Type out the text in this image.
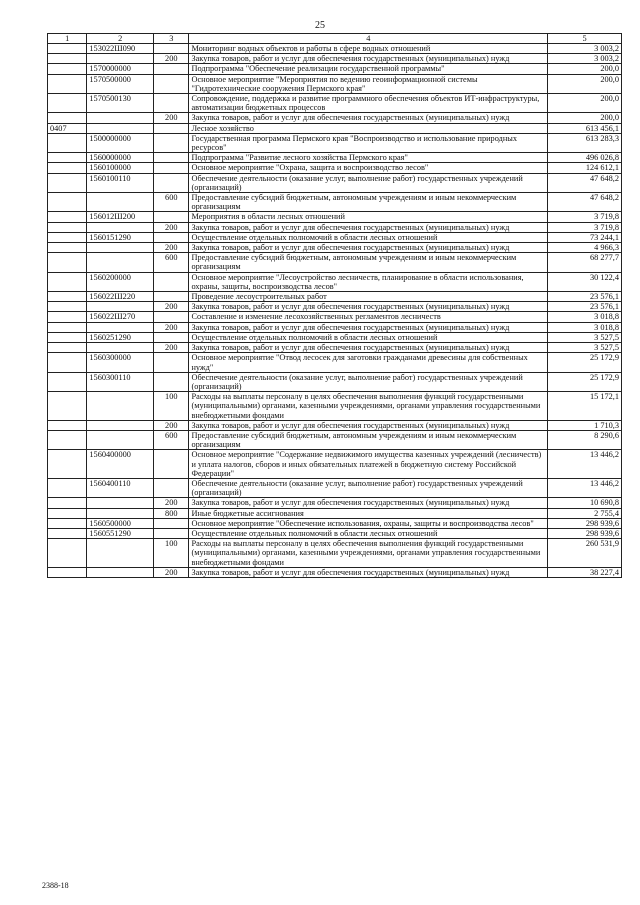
25
1	2	3	4	5
	153022Ш090		Мониторинг водных объектов и работы в сфере водных отношений	3 003,2
		200	Закупка товаров, работ и услуг для обеспечения государственных (муниципальных) нужд	3 003,2
	1570000000		Подпрограмма "Обеспечение реализации государственной программы"	200,0
	1570500000		Основное мероприятие "Мероприятия по ведению геоинформационной системы "Гидротехнические сооружения Пермского края"	200,0
	1570500130		Сопровождение, поддержка и развитие программного обеспечения объектов ИТ-инфраструктуры, автоматизации бюджетных процессов	200,0
		200	Закупка товаров, работ и услуг для обеспечения государственных (муниципальных) нужд	200,0
0407			Лесное хозяйство	613 456,1
	1500000000		Государственная программа Пермского края "Воспроизводство и использование природных ресурсов"	613 283,3
	1560000000		Подпрограмма "Развитие лесного хозяйства Пермского края"	496 026,8
	1560100000		Основное мероприятие "Охрана, защита и воспроизводство лесов"	124 612,1
	1560100110		Обеспечение деятельности (оказание услуг, выполнение работ) государственных учреждений (организаций)	47 648,2
		600	Предоставление субсидий бюджетным, автономным учреждениям и иным некоммерческим организациям	47 648,2
	156012Ш200		Мероприятия в области лесных отношений	3 719,8
		200	Закупка товаров, работ и услуг для обеспечения государственных (муниципальных) нужд	3 719,8
	1560151290		Осуществление отдельных полномочий в области лесных отношений	73 244,1
		200	Закупка товаров, работ и услуг для обеспечения государственных (муниципальных) нужд	4 966,3
		600	Предоставление субсидий бюджетным, автономным учреждениям и иным некоммерческим организациям	68 277,7
	1560200000		Основное мероприятие "Лесоустройство лесничеств, планирование в области использования, охраны, защиты, воспроизводства лесов"	30 122,4
	156022Ш220		Проведение лесоустроительных работ	23 576,1
		200	Закупка товаров, работ и услуг для обеспечения государственных (муниципальных) нужд	23 576,1
	156022Ш270		Составление и изменение лесохозяйственных регламентов лесничеств	3 018,8
		200	Закупка товаров, работ и услуг для обеспечения государственных (муниципальных) нужд	3 018,8
	1560251290		Осуществление отдельных полномочий в области лесных отношений	3 527,5
		200	Закупка товаров, работ и услуг для обеспечения государственных (муниципальных) нужд	3 527,5
	1560300000		Основное мероприятие "Отвод лесосек для заготовки гражданами древесины для собственных нужд"	25 172,9
	1560300110		Обеспечение деятельности (оказание услуг, выполнение работ) государственных учреждений (организаций)	25 172,9
		100	Расходы на выплаты персоналу в целях обеспечения выполнения функций государственными (муниципальными) органами, казенными учреждениями, органами управления государственными внебюджетными фондами	15 172,1
		200	Закупка товаров, работ и услуг для обеспечения государственных (муниципальных) нужд	1 710,3
		600	Предоставление субсидий бюджетным, автономным учреждениям и иным некоммерческим организациям	8 290,6
	1560400000		Основное мероприятие "Содержание недвижимого имущества казенных учреждений (лесничеств) и уплата налогов, сборов и иных обязательных платежей в бюджетную систему Российской Федерации"	13 446,2
	1560400110		Обеспечение деятельности (оказание услуг, выполнение работ) государственных учреждений (организаций)	13 446,2
		200	Закупка товаров, работ и услуг для обеспечения государственных (муниципальных) нужд	10 690,8
		800	Иные бюджетные ассигнования	2 755,4
	1560500000		Основное мероприятие "Обеспечение использования, охраны, защиты и воспроизводства лесов"	298 939,6
	1560551290		Осуществление отдельных полномочий в области лесных отношений	298 939,6
		100	Расходы на выплаты персоналу в целях обеспечения выполнения функций государственными (муниципальными) органами, казенными учреждениями, органами управления государственными внебюджетными фондами	260 531,9
		200	Закупка товаров, работ и услуг для обеспечения государственных (муниципальных) нужд	38 227,4
2388-18
